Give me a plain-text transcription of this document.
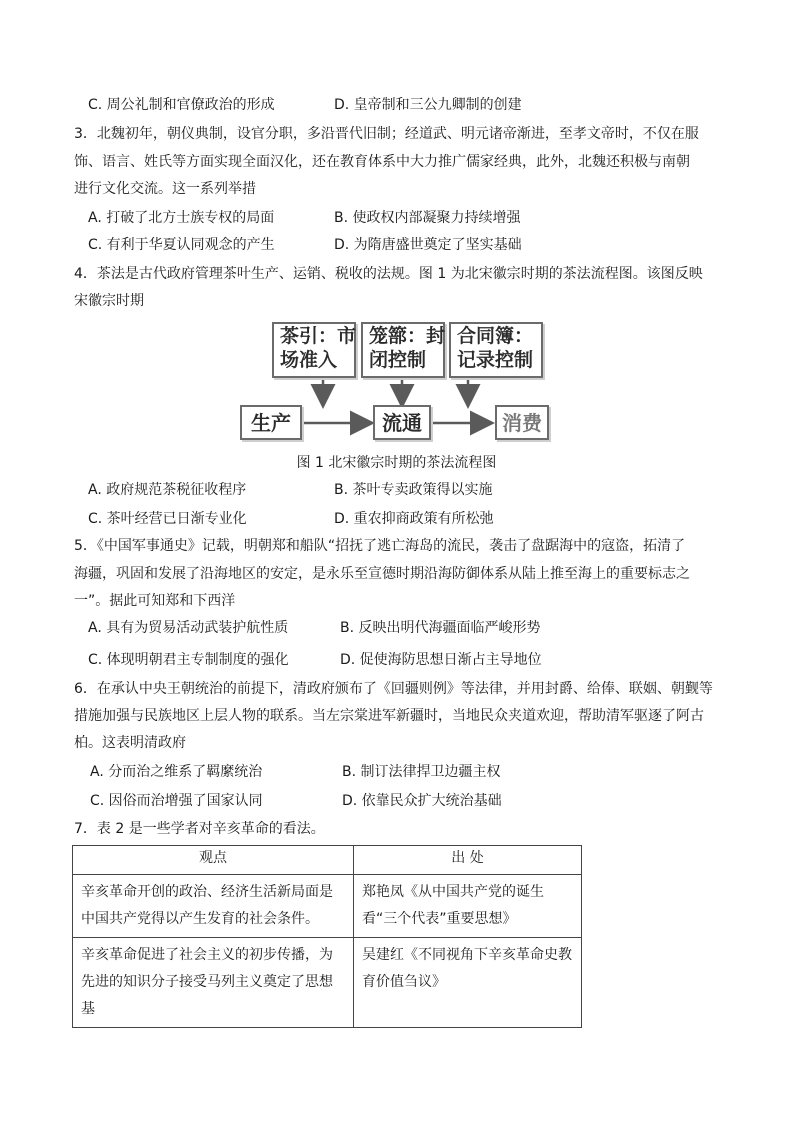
C. 周公礼制和官僚政治的形成	D. 皇帝制和三公九卿制的创建
3．北魏初年，朝仪典制，设官分职，多沿晋代旧制；经道武、明元诸帝渐进，至孝文帝时，不仅在服
饰、语言、姓氏等方面实现全面汉化，还在教育体系中大力推广儒家经典，此外，北魏还积极与南朝
进行文化交流。这一系列举措
A. 打破了北方士族专权的局面	B. 使政权内部凝聚力持续增强
C. 有利于华夏认同观念的产生	D. 为隋唐盛世奠定了坚实基础
4．茶法是古代政府管理茶叶生产、运销、税收的法规。图 1 为北宋徽宗时期的茶法流程图。该图反映
宋徽宗时期
茶引：市
场准入
笼篰：封
闭控制
合同簿：
记录控制
生产	流通	消费
图 1 北宋徽宗时期的茶法流程图
A. 政府规范茶税征收程序	B. 茶叶专卖政策得以实施
C. 茶叶经营已日渐专业化	D. 重农抑商政策有所松弛
5．《中国军事通史》记载，明朝郑和船队“招抚了逃亡海岛的流民，袭击了盘踞海中的寇盗，拓清了
海疆，巩固和发展了沿海地区的安定，是永乐至宣德时期沿海防御体系从陆上推至海上的重要标志之
一”。据此可知郑和下西洋
A. 具有为贸易活动武装护航性质	B. 反映出明代海疆面临严峻形势
C. 体现明朝君主专制制度的强化	D. 促使海防思想日渐占主导地位
6．在承认中央王朝统治的前提下，清政府颁布了《回疆则例》等法律，并用封爵、给俸、联姻、朝觐等
措施加强与民族地区上层人物的联系。当左宗棠进军新疆时，当地民众夹道欢迎，帮助清军驱逐了阿古
柏。这表明清政府
A. 分而治之维系了羁縻统治	B. 制订法律捍卫边疆主权
C. 因俗而治增强了国家认同	D. 依靠民众扩大统治基础
7．表 2 是一些学者对辛亥革命的看法。
观点	出 处
辛亥革命开创的政治、经济生活新局面是中国共产党得以产生发育的社会条件。	郑艳凤《从中国共产党的诞生看“三个代表”重要思想》
辛亥革命促进了社会主义的初步传播，为先进的知识分子接受马列主义奠定了思想基	吴建红《不同视角下辛亥革命史教育价值刍议》
